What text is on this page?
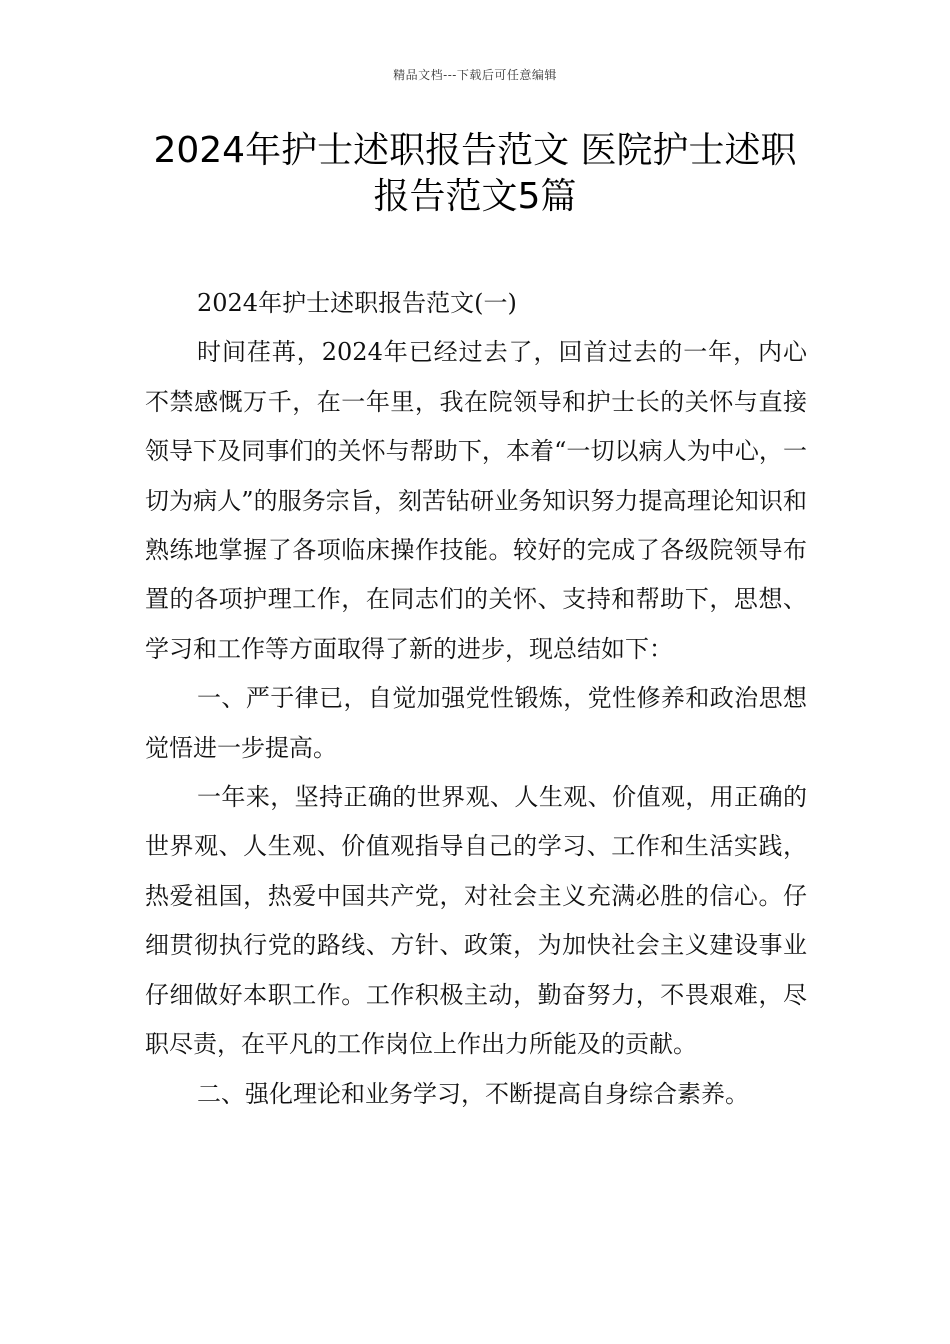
精品文档---下载后可任意编辑
2024年护士述职报告范文 医院护士述职报告范文5篇

2024年护士述职报告范文(一)

时间荏苒，2024年已经过去了，回首过去的一年，内心不禁感慨万千，在一年里，我在院领导和护士长的关怀与直接领导下及同事们的关怀与帮助下，本着“一切以病人为中心，一切为病人”的服务宗旨，刻苦钻研业务知识努力提高理论知识和熟练地掌握了各项临床操作技能。较好的完成了各级院领导布置的各项护理工作，在同志们的关怀、支持和帮助下，思想、学习和工作等方面取得了新的进步，现总结如下：

一、严于律已，自觉加强党性锻炼，党性修养和政治思想觉悟进一步提高。

一年来，坚持正确的世界观、人生观、价值观，用正确的世界观、人生观、价值观指导自己的学习、工作和生活实践，热爱祖国，热爱中国共产党，对社会主义充满必胜的信心。仔细贯彻执行党的路线、方针、政策，为加快社会主义建设事业仔细做好本职工作。工作积极主动，勤奋努力，不畏艰难，尽职尽责，在平凡的工作岗位上作出力所能及的贡献。

二、强化理论和业务学习，不断提高自身综合素养。
